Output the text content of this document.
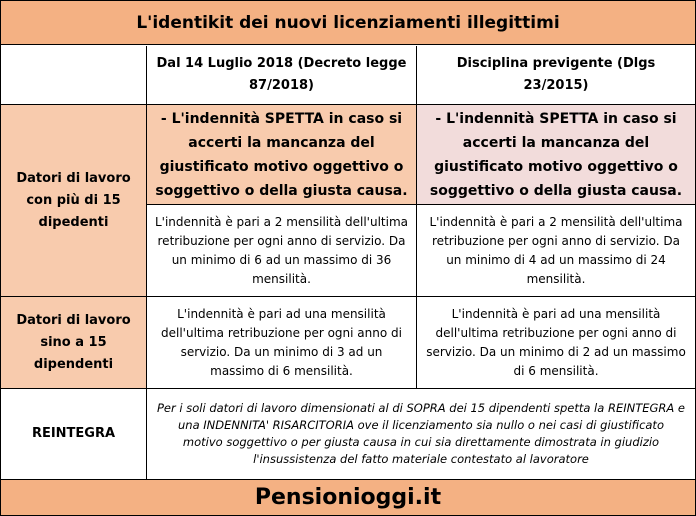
L'identikit dei nuovi licenziamenti illegittimi
Dal 14 Luglio 2018 (Decreto legge 87/2018)
Disciplina previgente (Dlgs 23/2015)
Datori di lavoro con più di 15 dipedenti
- L'indennità SPETTA in caso si accerti la mancanza del giustificato motivo oggettivo o soggettivo o della giusta causa.
- L'indennità SPETTA in caso si accerti la mancanza del giustificato motivo oggettivo o soggettivo o della giusta causa.
L'indennità è pari a 2 mensilità dell'ultima retribuzione per ogni anno di servizio. Da un minimo di 6 ad un massimo di 36 mensilità.
L'indennità è pari a 2 mensilità dell'ultima retribuzione per ogni anno di servizio. Da un minimo di 4 ad un massimo di 24 mensilità.
Datori di lavoro sino a 15 dipendenti
L'indennità è pari ad una mensilità dell'ultima retribuzione per ogni anno di servizio. Da un minimo di 3 ad un massimo di 6 mensilità.
L'indennità è pari ad una mensilità dell'ultima retribuzione per ogni anno di servizio. Da un minimo di 2 ad un massimo di 6 mensilità.
REINTEGRA
Per i soli datori di lavoro dimensionati al di SOPRA dei 15 dipendenti spetta la REINTEGRA e una INDENNITA' RISARCITORIA ove il licenziamento sia nullo o nei casi di giustificato motivo soggettivo o per giusta causa in cui sia direttamente dimostrata in giudizio l'insussistenza del fatto materiale contestato al lavoratore
Pensionioggi.it
